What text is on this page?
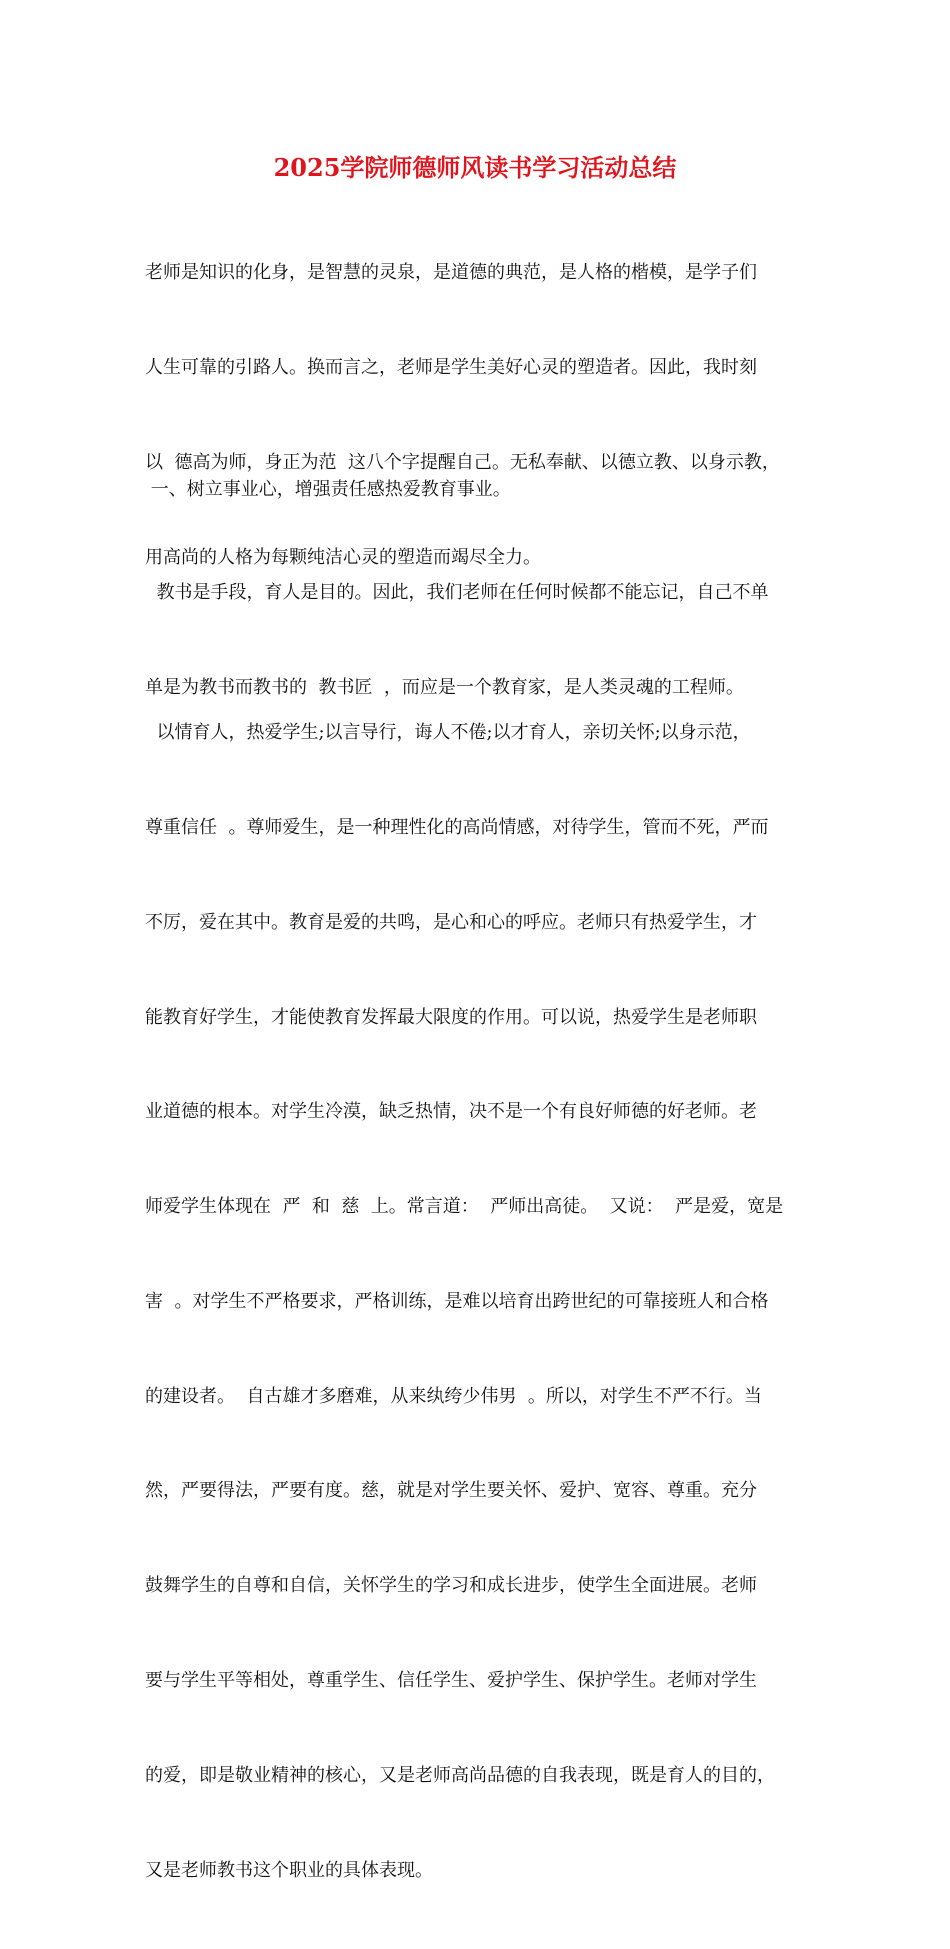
2025学院师德师风读书学习活动总结

老师是知识的化身，是智慧的灵泉，是道德的典范，是人格的楷模，是学子们

人生可靠的引路人。换而言之，老师是学生美好心灵的塑造者。因此，我时刻

以  德高为师，身正为范  这八个字提醒自己。无私奉献、以德立教、以身示教，

用高尚的人格为每颗纯洁心灵的塑造而竭尽全力。

一、树立事业心，增强责任感热爱教育事业。

教书是手段，育人是目的。因此，我们老师在任何时候都不能忘记，自己不单

单是为教书而教书的  教书匠  ，而应是一个教育家，是人类灵魂的工程师。

以情育人，热爱学生;以言导行，诲人不倦;以才育人，亲切关怀;以身示范，

尊重信任  。尊师爱生，是一种理性化的高尚情感，对待学生，管而不死，严而

不厉，爱在其中。教育是爱的共鸣，是心和心的呼应。老师只有热爱学生，才

能教育好学生，才能使教育发挥最大限度的作用。可以说，热爱学生是老师职

业道德的根本。对学生冷漠，缺乏热情，决不是一个有良好师德的好老师。老

师爱学生体现在  严  和  慈  上。常言道：  严师出高徒。  又说：  严是爱，宽是

害  。对学生不严格要求，严格训练，是难以培育出跨世纪的可靠接班人和合格

的建设者。  自古雄才多磨难，从来纨绔少伟男  。所以，对学生不严不行。当

然，严要得法，严要有度。慈，就是对学生要关怀、爱护、宽容、尊重。充分

鼓舞学生的自尊和自信，关怀学生的学习和成长进步，使学生全面进展。老师

要与学生平等相处，尊重学生、信任学生、爱护学生、保护学生。老师对学生

的爱，即是敬业精神的核心，又是老师高尚品德的自我表现，既是育人的目的，

又是老师教书这个职业的具体表现。
